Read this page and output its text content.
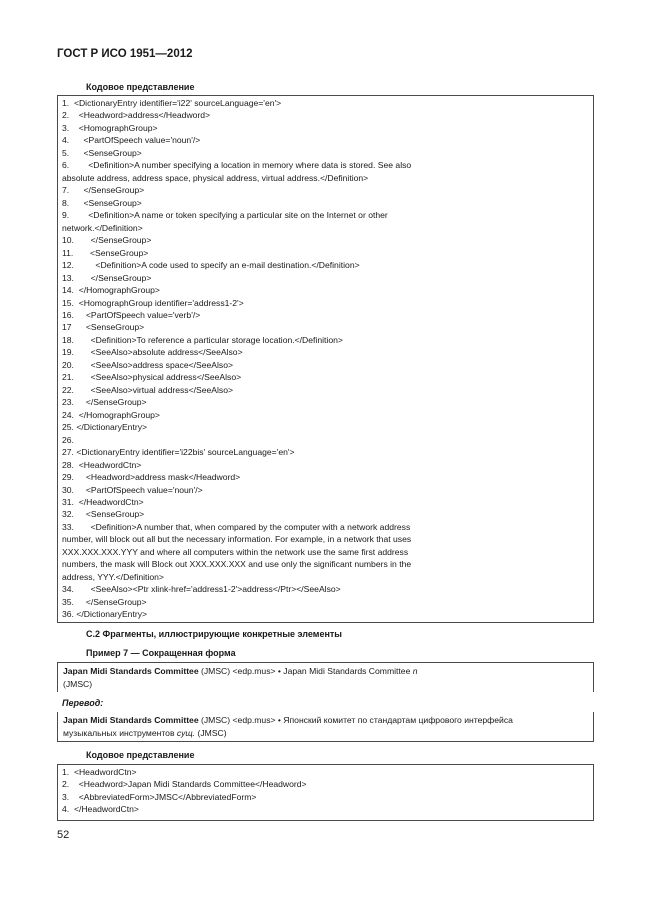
ГОСТ Р ИСО 1951—2012
Кодовое представление
1.  <DictionaryEntry identifier='i22' sourceLanguage='en'>
2.    <Headword>address</Headword>
3.    <HomographGroup>
4.      <PartOfSpeech value='noun'/>
5.      <SenseGroup>
6.        <Definition>A number specifying a location in memory where data is stored. See also
absolute address, address space, physical address, virtual address.</Definition>
7.      </SenseGroup>
8.      <SenseGroup>
9.        <Definition>A name or token specifying a particular site on the Internet or other
network.</Definition>
10.       </SenseGroup>
11.       <SenseGroup>
12.         <Definition>A code used to specify an e-mail destination.</Definition>
13.       </SenseGroup>
14.  </HomographGroup>
15.  <HomographGroup identifier='address1-2'>
16.     <PartOfSpeech value='verb'/>
17      <SenseGroup>
18.       <Definition>To reference a particular storage location.</Definition>
19.       <SeeAlso>absolute address</SeeAlso>
20.       <SeeAlso>address space</SeeAlso>
21.       <SeeAlso>physical address</SeeAlso>
22.       <SeeAlso>virtual address</SeeAlso>
23.     </SenseGroup>
24.  </HomographGroup>
25. </DictionaryEntry>
26.
27. <DictionaryEntry identifier='i22bis' sourceLanguage='en'>
28.  <HeadwordCtn>
29.     <Headword>address mask</Headword>
30.     <PartOfSpeech value='noun'/>
31.  </HeadwordCtn>
32.     <SenseGroup>
33.       <Definition>A number that, when compared by the computer with a network address
number, will block out all but the necessary information. For example, in a network that uses
XXX.XXX.XXX.YYY and where all computers within the network use the same first address
numbers, the mask will Block out XXX.XXX.XXX and use only the significant numbers in the
address, YYY.</Definition>
34.       <SeeAlso><Ptr xlink-href='address1-2'>address</Ptr></SeeAlso>
35.     </SenseGroup>
36. </DictionaryEntry>
С.2 Фрагменты, иллюстрирующие конкретные элементы
Пример 7 — Сокращенная форма
Japan Midi Standards Committee (JMSC) <edp.mus> • Japan Midi Standards Committee n
(JMSC)
Перевод:
Japan Midi Standards Committee (JMSC) <edp.mus> • Японский комитет по стандартам цифрового интерфейса
музыкальных инструментов сущ. (JMSC)
Кодовое представление
1.  <HeadwordCtn>
2.    <Headword>Japan Midi Standards Committee</Headword>
3.    <AbbreviatedForm>JMSC</AbbreviatedForm>
4.  </HeadwordCtn>
52
